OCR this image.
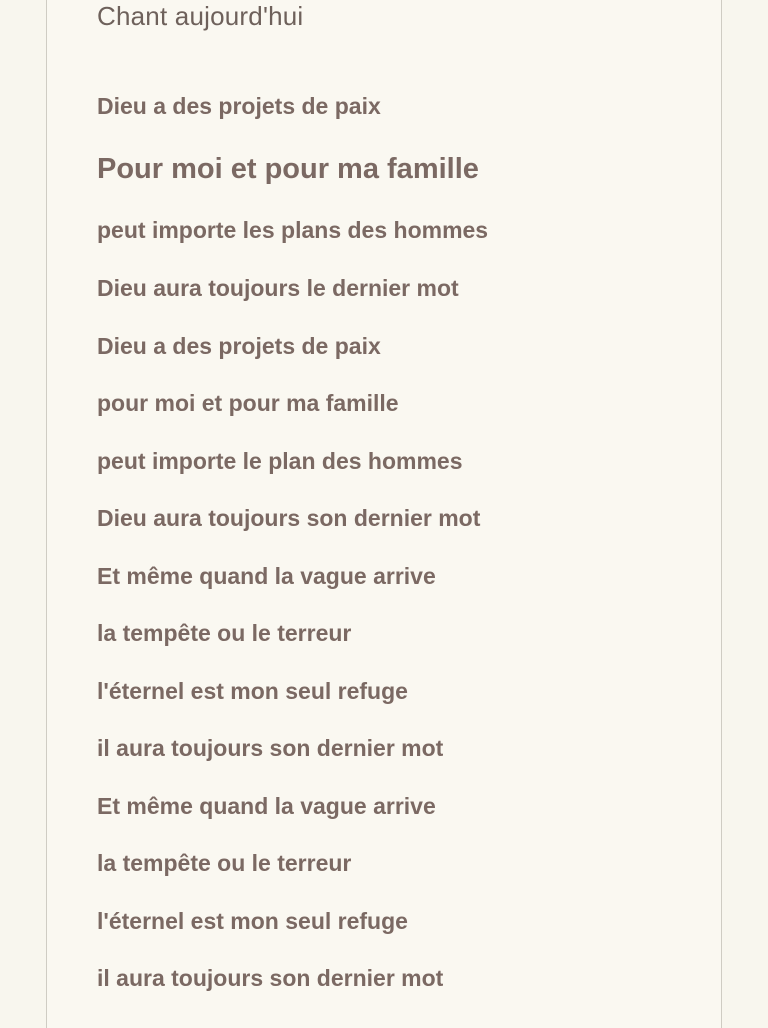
Chant aujourd'hui
Dieu a des projets de paix
Pour moi et pour ma famille
peut importe les plans des hommes
Dieu aura toujours le dernier mot
Dieu a des projets de paix
pour moi et pour ma famille
peut importe le plan des hommes
Dieu aura toujours son dernier mot
Et même quand la vague arrive
la tempête ou le terreur
l'éternel est mon seul refuge
il aura toujours son dernier mot
Et même quand la vague arrive
la tempête ou le terreur
l'éternel est mon seul refuge
il aura toujours son dernier mot
